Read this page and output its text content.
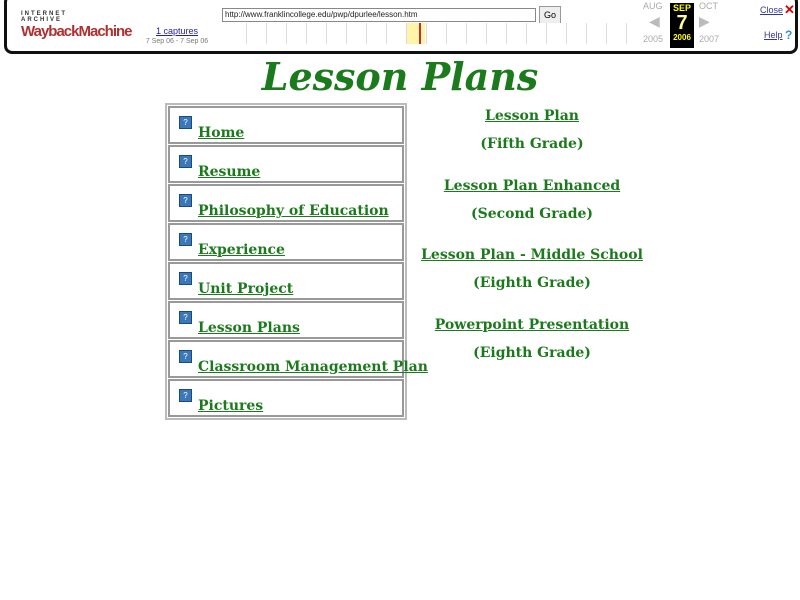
INTERNET ARCHIVE
WaybackMachine	1 captures
7 Sep 06 - 7 Sep 06
http://www.franklincollege.edu/pwp/dpurlee/lesson.htm	Go
AUG	OCT
2005	2007
◀	▶
SEP
7
2006
Close ✕
Help ?
Lesson Plans
?
Home
?
Resume
?
Philosophy of Education
?
Experience
?
Unit Project
?
Lesson Plans
?
Classroom Management Plan
?
Pictures
Lesson Plan
(Fifth Grade)
Lesson Plan Enhanced
(Second Grade)
Lesson Plan - Middle School
(Eighth Grade)
Powerpoint Presentation
(Eighth Grade)
